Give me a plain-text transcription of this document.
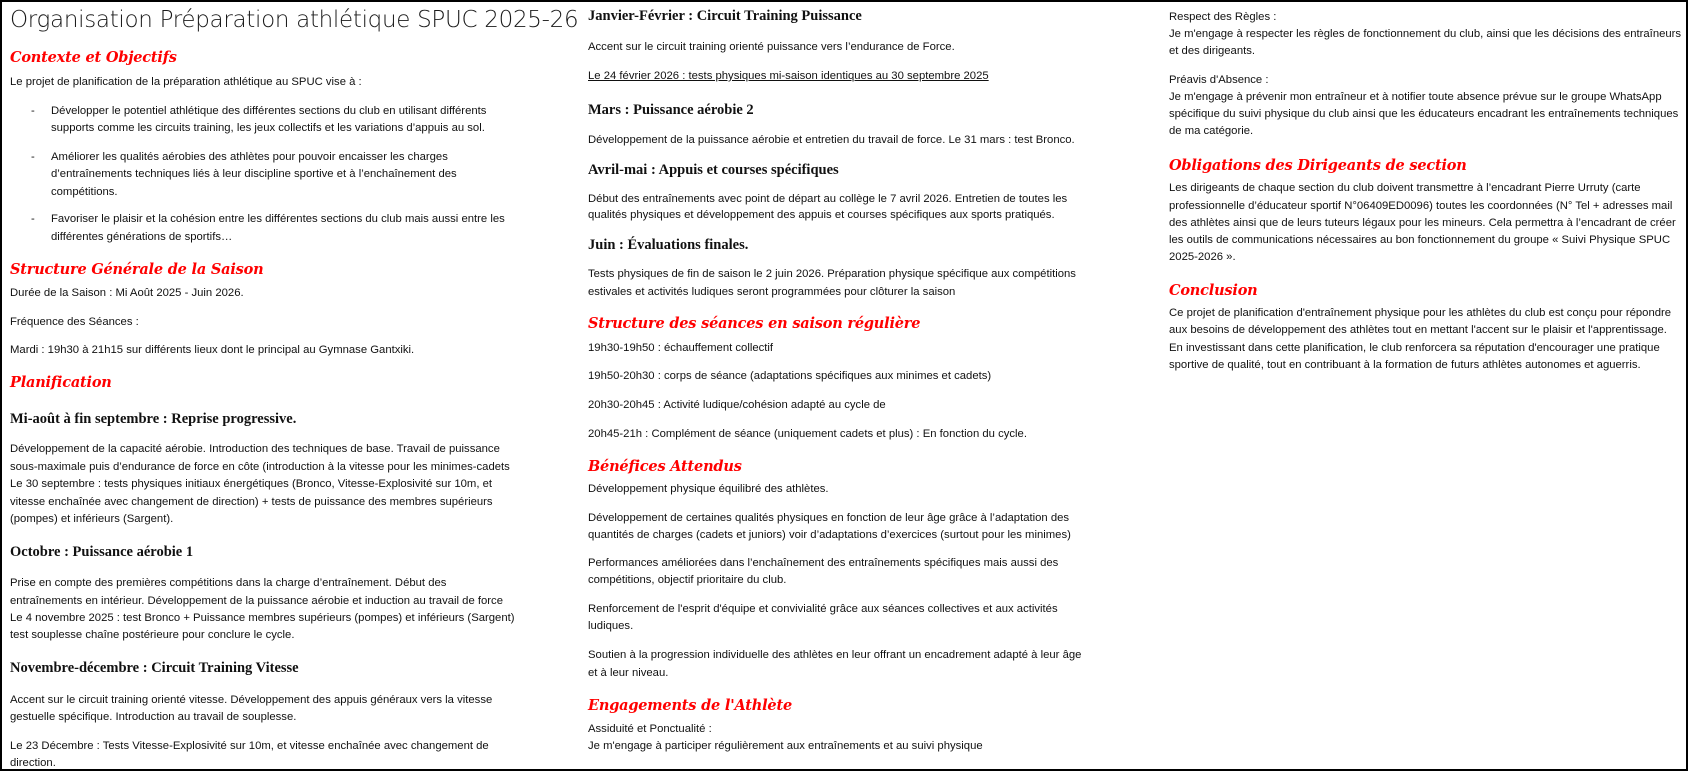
Organisation Préparation athlétique SPUC 2025-26
Contexte et Objectifs
Le projet de planification de la préparation athlétique au SPUC vise à :
- Développer le potentiel athlétique des différentes sections du club en utilisant différents
supports comme les circuits training, les jeux collectifs et les variations d’appuis au sol.
- Améliorer les qualités aérobies des athlètes pour pouvoir encaisser les charges
d’entraînements techniques liés à leur discipline sportive et à l’enchaînement des
compétitions.
- Favoriser le plaisir et la cohésion entre les différentes sections du club mais aussi entre les
différentes générations de sportifs…
Structure Générale de la Saison
Durée de la Saison : Mi Août 2025 - Juin 2026.
Fréquence des Séances :
Mardi : 19h30 à 21h15 sur différents lieux dont le principal au Gymnase Gantxiki.
Planification
Mi-août à fin septembre : Reprise progressive.
Développement de la capacité aérobie. Introduction des techniques de base. Travail de puissance
sous-maximale puis d’endurance de force en côte (introduction à la vitesse pour les minimes-cadets
Le 30 septembre : tests physiques initiaux énergétiques (Bronco, Vitesse-Explosivité sur 10m, et
vitesse enchaînée avec changement de direction) + tests de puissance des membres supérieurs
(pompes) et inférieurs (Sargent).
Octobre : Puissance aérobie 1
Prise en compte des premières compétitions dans la charge d’entraînement. Début des
entraînements en intérieur. Développement de la puissance aérobie et induction au travail de force
Le 4 novembre 2025 : test Bronco + Puissance membres supérieurs (pompes) et inférieurs (Sargent)
test souplesse chaîne postérieure pour conclure le cycle.
Novembre-décembre : Circuit Training Vitesse
Accent sur le circuit training orienté vitesse. Développement des appuis généraux vers la vitesse
gestuelle spécifique. Introduction au travail de souplesse.
Le 23 Décembre : Tests Vitesse-Explosivité sur 10m, et vitesse enchaînée avec changement de
direction.
Janvier-Février : Circuit Training Puissance
Accent sur le circuit training orienté puissance vers l’endurance de Force.
Le 24 février 2026 : tests physiques mi-saison identiques au 30 septembre 2025
Mars : Puissance aérobie 2
Développement de la puissance aérobie et entretien du travail de force. Le 31 mars : test Bronco.
Avril-mai : Appuis et courses spécifiques
Début des entraînements avec point de départ au collège le 7 avril 2026. Entretien de toutes les
qualités physiques et développement des appuis et courses spécifiques aux sports pratiqués.
Juin : Évaluations finales.
Tests physiques de fin de saison le 2 juin 2026. Préparation physique spécifique aux compétitions
estivales et activités ludiques seront programmées pour clôturer la saison
Structure des séances en saison régulière
19h30-19h50 : échauffement collectif
19h50-20h30 : corps de séance (adaptations spécifiques aux minimes et cadets)
20h30-20h45 : Activité ludique/cohésion adapté au cycle de
20h45-21h : Complément de séance (uniquement cadets et plus) : En fonction du cycle.
Bénéfices Attendus
Développement physique équilibré des athlètes.
Développement de certaines qualités physiques en fonction de leur âge grâce à l’adaptation des
quantités de charges (cadets et juniors) voir d’adaptations d’exercices (surtout pour les minimes)
Performances améliorées dans l’enchaînement des entraînements spécifiques mais aussi des
compétitions, objectif prioritaire du club.
Renforcement de l'esprit d'équipe et convivialité grâce aux séances collectives et aux activités
ludiques.
Soutien à la progression individuelle des athlètes en leur offrant un encadrement adapté à leur âge
et à leur niveau.
Engagements de l'Athlète
Assiduité et Ponctualité :
Je m'engage à participer régulièrement aux entraînements et au suivi physique
Respect des Règles :
Je m'engage à respecter les règles de fonctionnement du club, ainsi que les décisions des entraîneurs
et des dirigeants.
Préavis d'Absence :
Je m'engage à prévenir mon entraîneur et à notifier toute absence prévue sur le groupe WhatsApp
spécifique du suivi physique du club ainsi que les éducateurs encadrant les entraînements techniques
de ma catégorie.
Obligations des Dirigeants de section
Les dirigeants de chaque section du club doivent transmettre à l’encadrant Pierre Urruty (carte
professionnelle d’éducateur sportif N°06409ED0096) toutes les coordonnées (N° Tel + adresses mail
des athlètes ainsi que de leurs tuteurs légaux pour les mineurs. Cela permettra à l’encadrant de créer
les outils de communications nécessaires au bon fonctionnement du groupe « Suivi Physique SPUC
2025-2026 ».
Conclusion
Ce projet de planification d'entraînement physique pour les athlètes du club est conçu pour répondre
aux besoins de développement des athlètes tout en mettant l'accent sur le plaisir et l'apprentissage.
En investissant dans cette planification, le club renforcera sa réputation d'encourager une pratique
sportive de qualité, tout en contribuant à la formation de futurs athlètes autonomes et aguerris.
